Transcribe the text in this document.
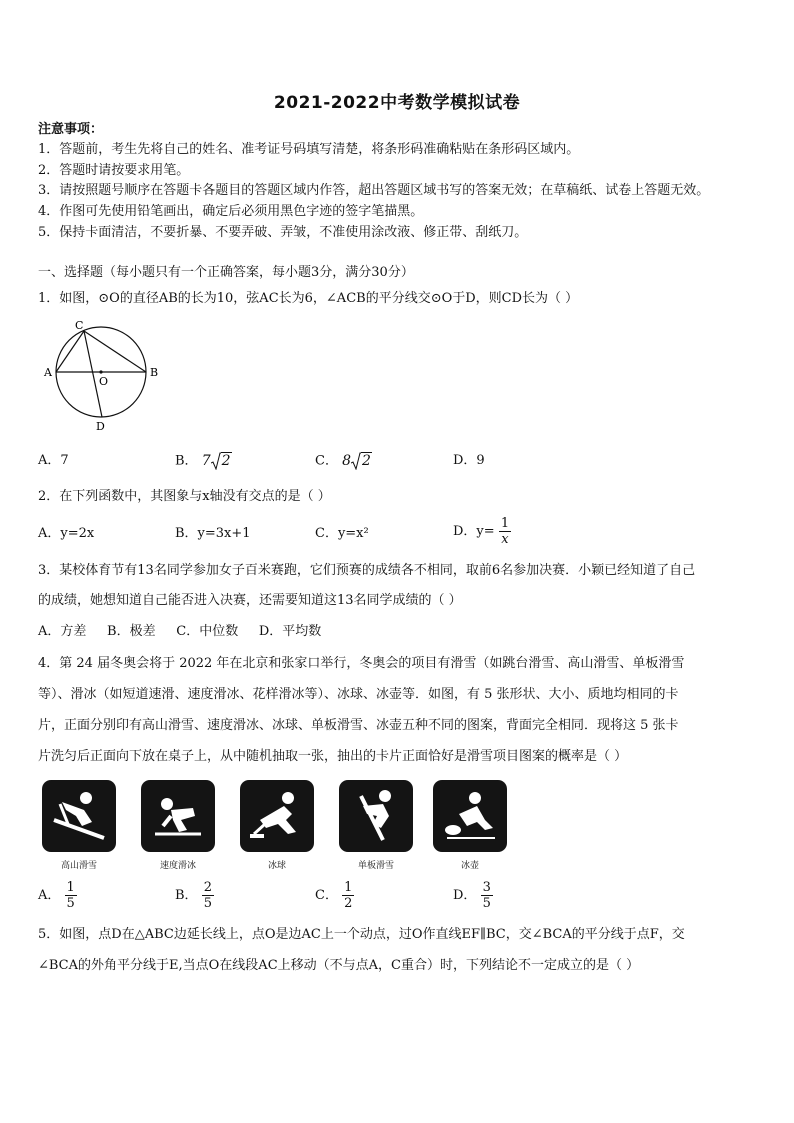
2021-2022中考数学模拟试卷
注意事项：
1．答题前，考生先将自己的姓名、准考证号码填写清楚，将条形码准确粘贴在条形码区域内。
2．答题时请按要求用笔。
3．请按照题号顺序在答题卡各题目的答题区域内作答，超出答题区域书写的答案无效；在草稿纸、试卷上答题无效。
4．作图可先使用铅笔画出，确定后必须用黑色字迹的签字笔描黑。
5．保持卡面清洁，不要折暴、不要弄破、弄皱，不准使用涂改液、修正带、刮纸刀。
一、选择题（每小题只有一个正确答案，每小题3分，满分30分）
1．如图，⊙O的直径AB的长为10，弦AC长为6，∠ACB的平分线交⊙O于D，则CD长为（ ）
A	B
C
D
O
A．7	B． 7 2	C． 8 2	D．9
2．在下列函数中，其图象与x轴没有交点的是（ ）
A．y=2x	B．y=3x+1	C．y=x²	D．$y= \frac{1}{x}$
3．某校体育节有13名同学参加女子百米赛跑，它们预赛的成绩各不相同，取前6名参加决赛．小颖已经知道了自己
的成绩，她想知道自己能否进入决赛，还需要知道这13名同学成绩的（ ）
A．方差     B．极差     C．中位数     D．平均数
4．第 24 届冬奥会将于 2022 年在北京和张家口举行，冬奥会的项目有滑雪（如跳台滑雪、高山滑雪、单板滑雪
等）、滑冰（如短道速滑、速度滑冰、花样滑冰等）、冰球、冰壶等．如图，有 5 张形状、大小、质地均相同的卡
片，正面分别印有高山滑雪、速度滑冰、冰球、单板滑雪、冰壶五种不同的图案，背面完全相同．现将这 5 张卡
片洗匀后正面向下放在桌子上，从中随机抽取一张，抽出的卡片正面恰好是滑雪项目图案的概率是（ ）
高山滑雪	速度滑冰	冰球	单板滑雪	冰壶
A． $\frac{1}{5}$	B． $\frac{2}{5}$	C． $\frac{1}{2}$	D． $\frac{3}{5}$
5．如图，点D在△ABC边延长线上，点O是边AC上一个动点，过O作直线EF∥BC，交∠BCA的平分线于点F，交
∠BCA的外角平分线于E,当点O在线段AC上移动（不与点A，C重合）时，下列结论不一定成立的是（ ）
